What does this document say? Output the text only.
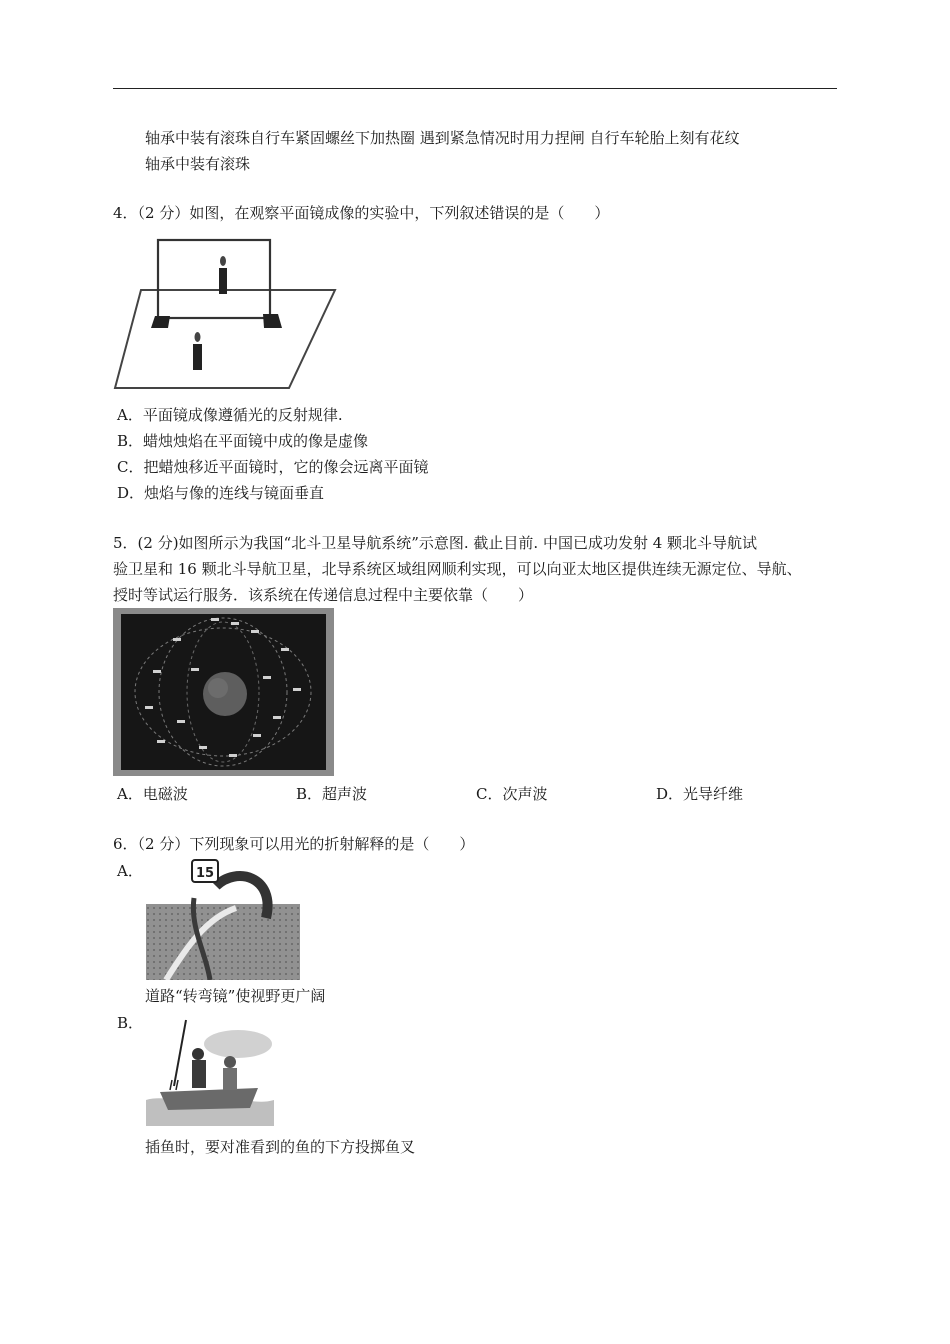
轴承中装有滚珠自行车紧固螺丝下加热圈 遇到紧急情况时用力捏闸 自行车轮胎上刻有花纹
轴承中装有滚珠
4．（2 分）如图，在观察平面镜成像的实验中，下列叙述错误的是（　　）
A．平面镜成像遵循光的反射规律.
B．蜡烛烛焰在平面镜中成的像是虚像
C．把蜡烛移近平面镜时，它的像会远离平面镜
D．烛焰与像的连线与镜面垂直
5．(2 分)如图所示为我国“北斗卫星导航系统”示意图. 截止目前. 中国已成功发射 4 颗北斗导航试
验卫星和 16 颗北斗导航卫星，北导系统区域组网顺利实现，可以向亚太地区提供连续无源定位、导航、
授时等试运行服务．该系统在传递信息过程中主要依靠（　　）
A．电磁波	B．超声波	C．次声波	D．光导纤维
6．（2 分）下列现象可以用光的折射解释的是（　　）
A．	15
道路“转弯镜”使视野更广阔
B．
插鱼时，要对准看到的鱼的下方投掷鱼叉
